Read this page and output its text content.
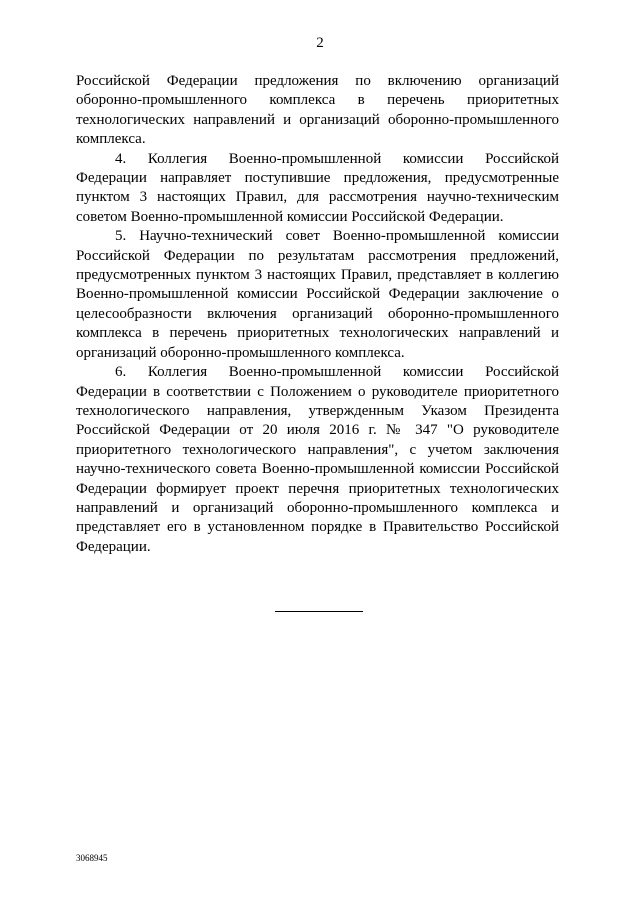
2

Российской Федерации предложения по включению организаций оборонно-промышленного комплекса в перечень приоритетных технологических направлений и организаций оборонно-промышленного комплекса.

4. Коллегия Военно-промышленной комиссии Российской Федерации направляет поступившие предложения, предусмотренные пунктом 3 настоящих Правил, для рассмотрения научно-техническим советом Военно-промышленной комиссии Российской Федерации.

5. Научно-технический совет Военно-промышленной комиссии Российской Федерации по результатам рассмотрения предложений, предусмотренных пунктом 3 настоящих Правил, представляет в коллегию Военно-промышленной комиссии Российской Федерации заключение о целесообразности включения организаций оборонно-промышленного комплекса в перечень приоритетных технологических направлений и организаций оборонно-промышленного комплекса.

6. Коллегия Военно-промышленной комиссии Российской Федерации в соответствии с Положением о руководителе приоритетного технологического направления, утвержденным Указом Президента Российской Федерации от 20 июля 2016 г. № 347 "О руководителе приоритетного технологического направления", с учетом заключения научно-технического совета Военно-промышленной комиссии Российской Федерации формирует проект перечня приоритетных технологических направлений и организаций оборонно-промышленного комплекса и представляет его в установленном порядке в Правительство Российской Федерации.

3068945
